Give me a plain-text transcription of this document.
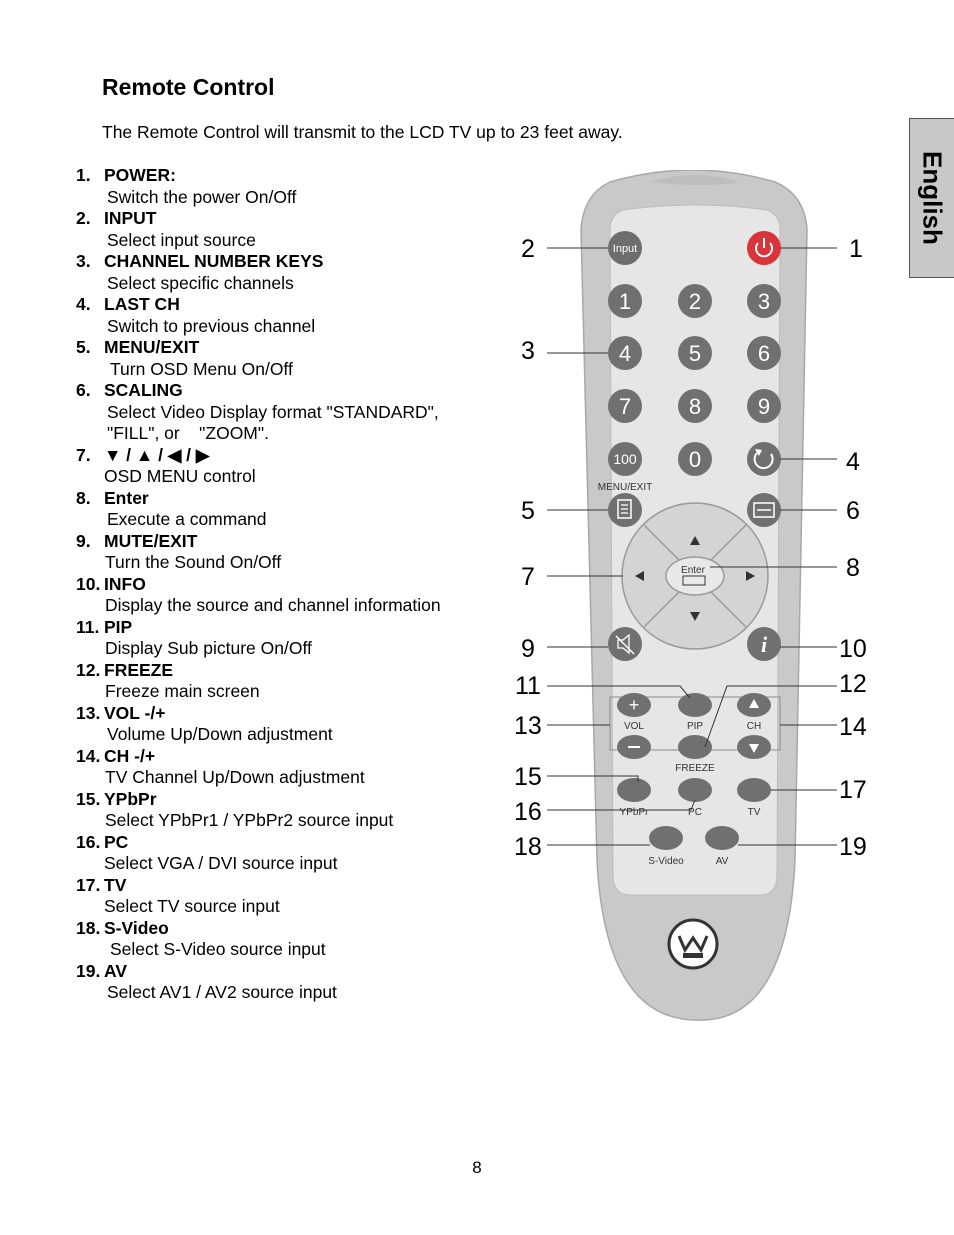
Remote Control
The Remote Control will transmit to the LCD TV up to 23 feet away.
English
1. POWER:
Switch the power On/Off
2. INPUT
Select input source
3. CHANNEL NUMBER KEYS
Select specific channels
4. LAST CH
Switch to previous channel
5. MENU/EXIT
Turn OSD Menu On/Off
6. SCALING
Select Video Display format "STANDARD",
"FILL", or    "ZOOM".
7. ▼ / ▲ / ◀ / ▶
OSD MENU control
8. Enter
Execute a command
9. MUTE/EXIT
Turn the Sound On/Off
10. INFO
Display the source and channel information
11. PIP
Display Sub picture On/Off
12. FREEZE
Freeze main screen
13. VOL -/+
Volume Up/Down adjustment
14. CH -/+
TV Channel Up/Down adjustment
15. YPbPr
Select YPbPr1 / YPbPr2 source input
16. PC
Select VGA / DVI source input
17. TV
Select TV source input
18. S-Video
Select S-Video source input
19. AV
Select AV1 / AV2 source input
Input
1	2	3
4	5	6
7	8	9
100 0
MENU/EXIT
Enter
i
+
VOL	PIP
FREEZE
CH
YPbPr	PC	TV
S-Video	AV
1
2
3
4
5	6
7	8
9	10
11	12
13	14
15
16
17
18	19
8
